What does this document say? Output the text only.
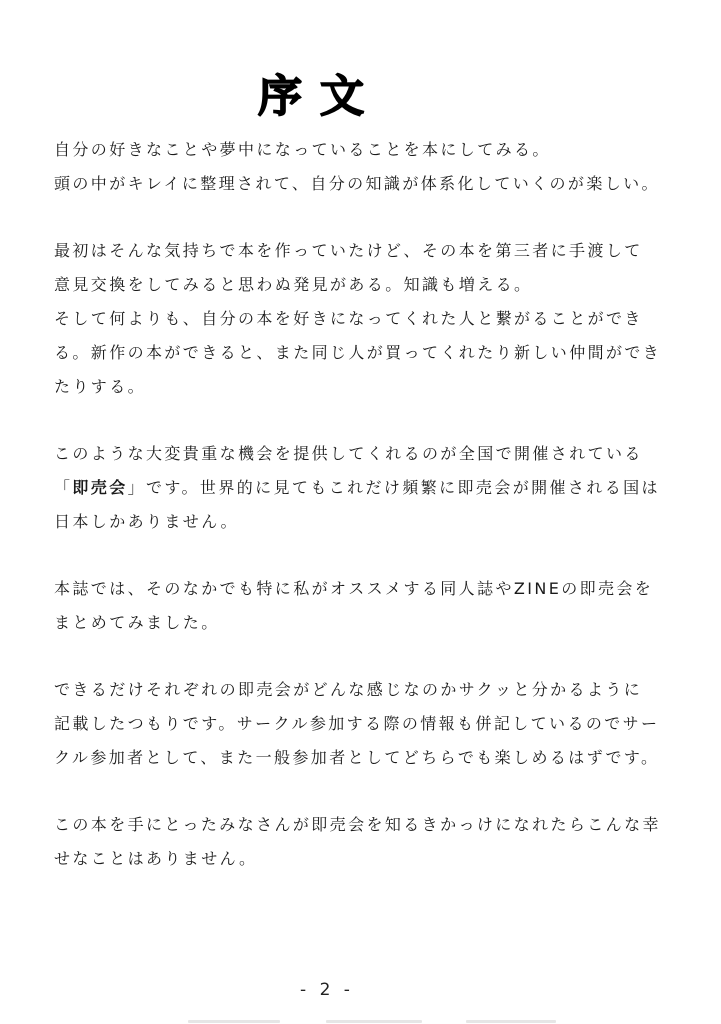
序文

自分の好きなことや夢中になっていることを本にしてみる。
頭の中がキレイに整理されて、自分の知識が体系化していくのが楽しい。

最初はそんな気持ちで本を作っていたけど、その本を第三者に手渡して
意見交換をしてみると思わぬ発見がある。知識も増える。
そして何よりも、自分の本を好きになってくれた人と繋がることができ
る。新作の本ができると、また同じ人が買ってくれたり新しい仲間ができ
たりする。

このような大変貴重な機会を提供してくれるのが全国で開催されている
「即売会」です。世界的に見てもこれだけ頻繁に即売会が開催される国は
日本しかありません。

本誌では、そのなかでも特に私がオススメする同人誌やZINEの即売会を
まとめてみました。

できるだけそれぞれの即売会がどんな感じなのかサクッと分かるように
記載したつもりです。サークル参加する際の情報も併記しているのでサー
クル参加者として、また一般参加者としてどちらでも楽しめるはずです。

この本を手にとったみなさんが即売会を知るきかっけになれたらこんな幸
せなことはありません。

- 2 -
